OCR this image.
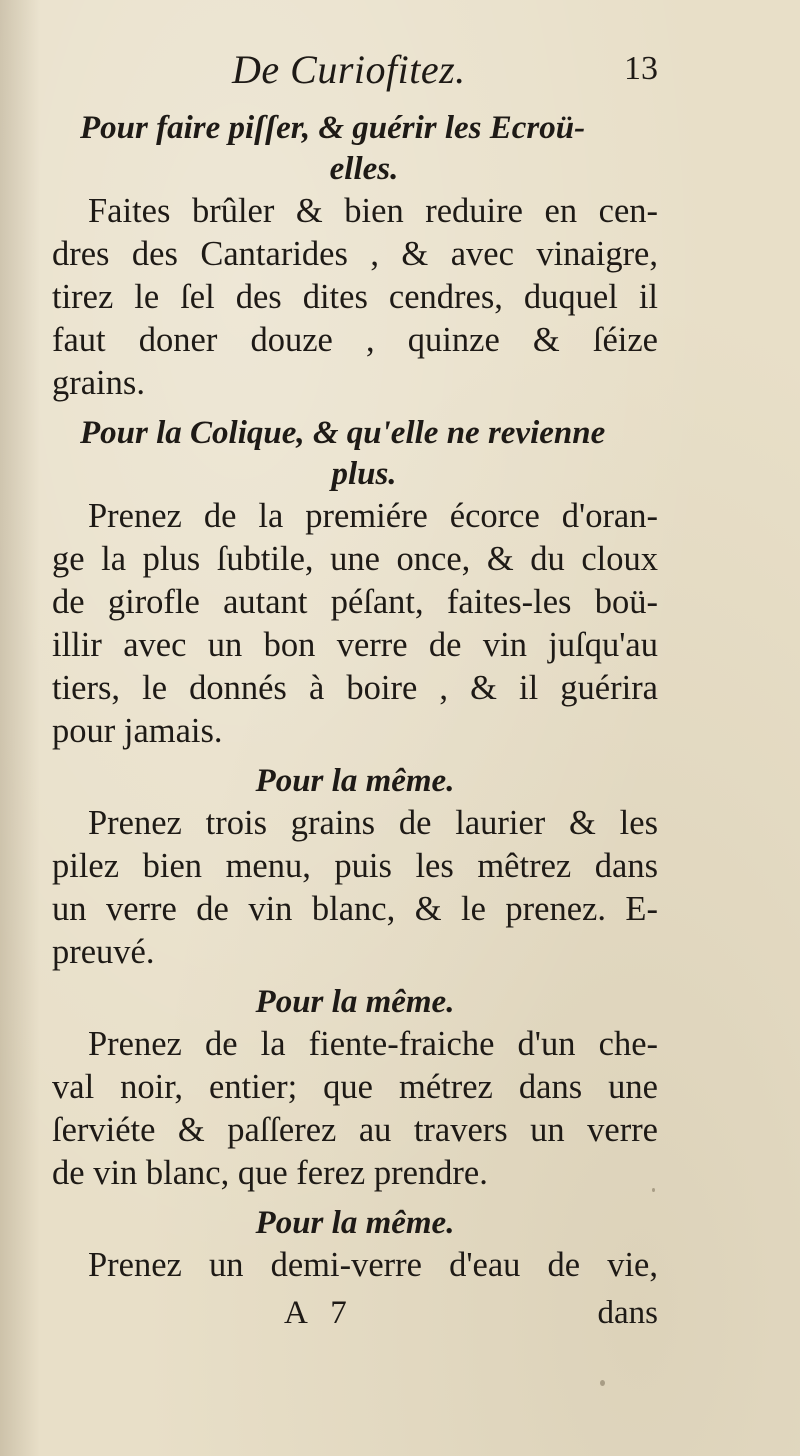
De Curiofitez.	13
Pour faire piſſer, & guérir les Ecroü-
elles.
Faites brûler & bien reduire en cen-
dres des Cantarides , & avec vinaigre,
tirez le ſel des dites cendres, duquel il
faut doner douze , quinze & ſéize
grains.
Pour la Colique, & qu'elle ne revienne
plus.
Prenez de la premiére écorce d'oran-
ge la plus ſubtile, une once, & du cloux
de girofle autant péſant, faites-les boü-
illir avec un bon verre de vin juſqu'au
tiers, le donnés à boire , & il guérira
pour jamais.
Pour la même.
Prenez trois grains de laurier & les
pilez bien menu, puis les mêtrez dans
un verre de vin blanc, & le prenez. E-
preuvé.
Pour la même.
Prenez de la fiente-fraiche d'un che-
val noir, entier; que métrez dans une
ſerviéte & paſſerez au travers un verre
de vin blanc, que ferez prendre.
Pour la même.
Prenez un demi-verre d'eau de vie,
A 7	dans
